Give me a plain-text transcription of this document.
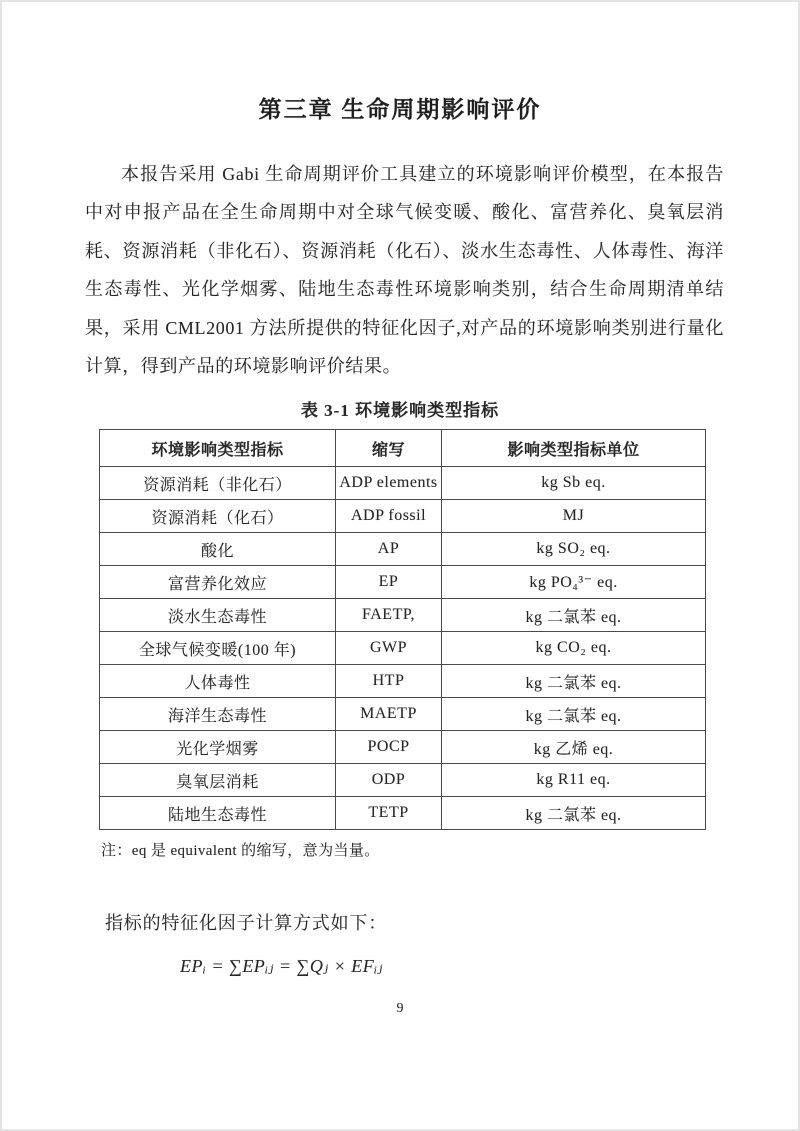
第三章 生命周期影响评价

本报告采用 Gabi 生命周期评价工具建立的环境影响评价模型，在本报告中对申报产品在全生命周期中对全球气候变暖、酸化、富营养化、臭氧层消耗、资源消耗（非化石）、资源消耗（化石）、淡水生态毒性、人体毒性、海洋生态毒性、光化学烟雾、陆地生态毒性环境影响类别，结合生命周期清单结果，采用 CML2001 方法所提供的特征化因子,对产品的环境影响类别进行量化计算，得到产品的环境影响评价结果。

表 3-1 环境影响类型指标
环境影响类型指标	缩写	影响类型指标单位
资源消耗（非化石）	ADP elements	kg Sb eq.
资源消耗（化石）	ADP fossil	MJ
酸化	AP	kg SO₂ eq.
富营养化效应	EP	kg PO₄³⁻ eq.
淡水生态毒性	FAETP,	kg 二氯苯 eq.
全球气候变暖(100 年)	GWP	kg CO₂ eq.
人体毒性	HTP	kg 二氯苯 eq.
海洋生态毒性	MAETP	kg 二氯苯 eq.
光化学烟雾	POCP	kg 乙烯 eq.
臭氧层消耗	ODP	kg R11 eq.
陆地生态毒性	TETP	kg 二氯苯 eq.
注：eq 是 equivalent 的缩写，意为当量。

指标的特征化因子计算方式如下：

EPᵢ = ∑EPᵢⱼ = ∑Qⱼ × EFᵢⱼ
9
